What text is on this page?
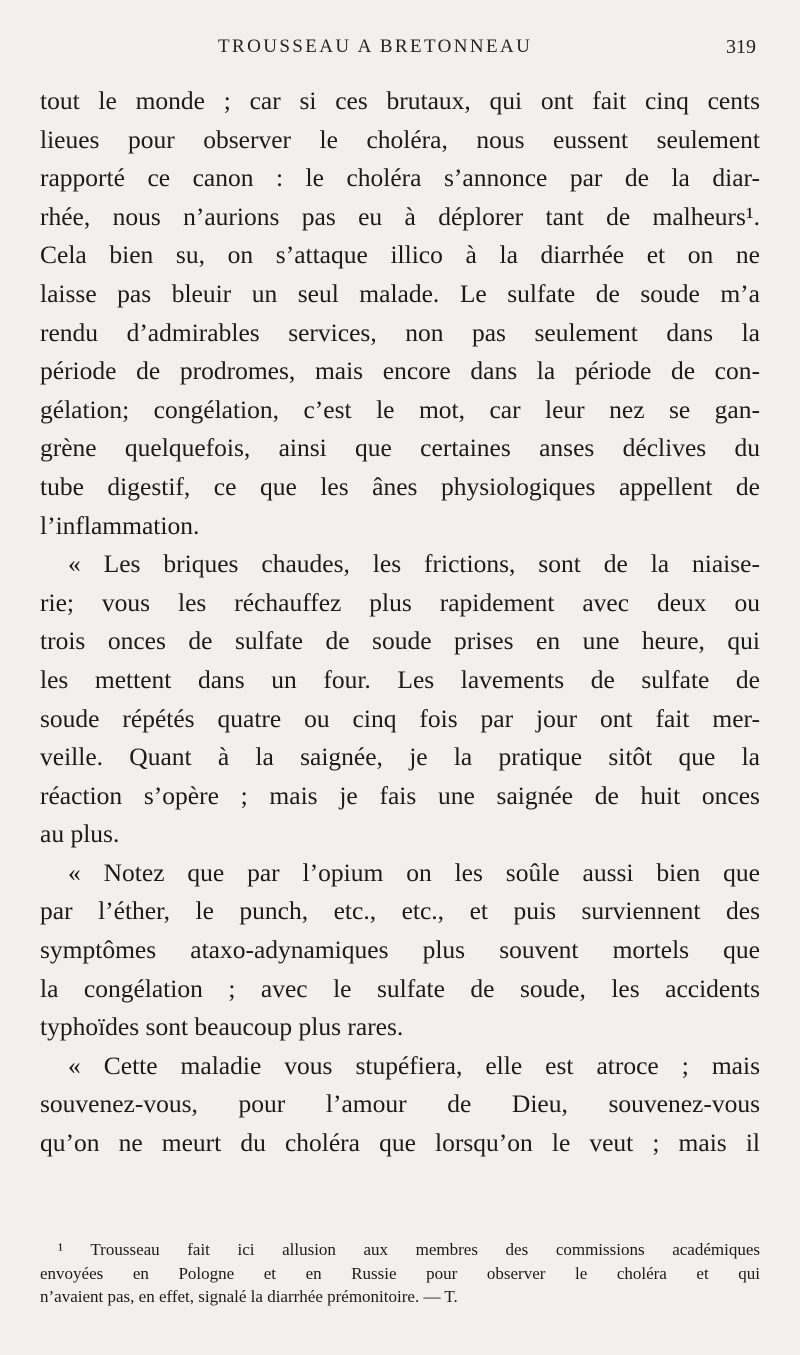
TROUSSEAU A BRETONNEAU	319
tout le monde ; car si ces brutaux, qui ont fait cinq cents
lieues pour observer le choléra, nous eussent seulement
rapporté ce canon : le choléra s’annonce par de la diar-
rhée, nous n’aurions pas eu à déplorer tant de malheurs¹.
Cela bien su, on s’attaque illico à la diarrhée et on ne
laisse pas bleuir un seul malade. Le sulfate de soude m’a
rendu d’admirables services, non pas seulement dans la
période de prodromes, mais encore dans la période de con-
gélation; congélation, c’est le mot, car leur nez se gan-
grène quelquefois, ainsi que certaines anses déclives du
tube digestif, ce que les ânes physiologiques appellent de
l’inflammation.
« Les briques chaudes, les frictions, sont de la niaise-
rie; vous les réchauffez plus rapidement avec deux ou
trois onces de sulfate de soude prises en une heure, qui
les mettent dans un four. Les lavements de sulfate de
soude répétés quatre ou cinq fois par jour ont fait mer-
veille. Quant à la saignée, je la pratique sitôt que la
réaction s’opère ; mais je fais une saignée de huit onces
au plus.
« Notez que par l’opium on les soûle aussi bien que
par l’éther, le punch, etc., etc., et puis surviennent des
symptômes ataxo-adynamiques plus souvent mortels que
la congélation ; avec le sulfate de soude, les accidents
typhoïdes sont beaucoup plus rares.
« Cette maladie vous stupéfiera, elle est atroce ; mais
souvenez-vous, pour l’amour de Dieu, souvenez-vous
qu’on ne meurt du choléra que lorsqu’on le veut ; mais il
¹ Trousseau fait ici allusion aux membres des commissions académiques
envoyées en Pologne et en Russie pour observer le choléra et qui
n’avaient pas, en effet, signalé la diarrhée prémonitoire. — T.
